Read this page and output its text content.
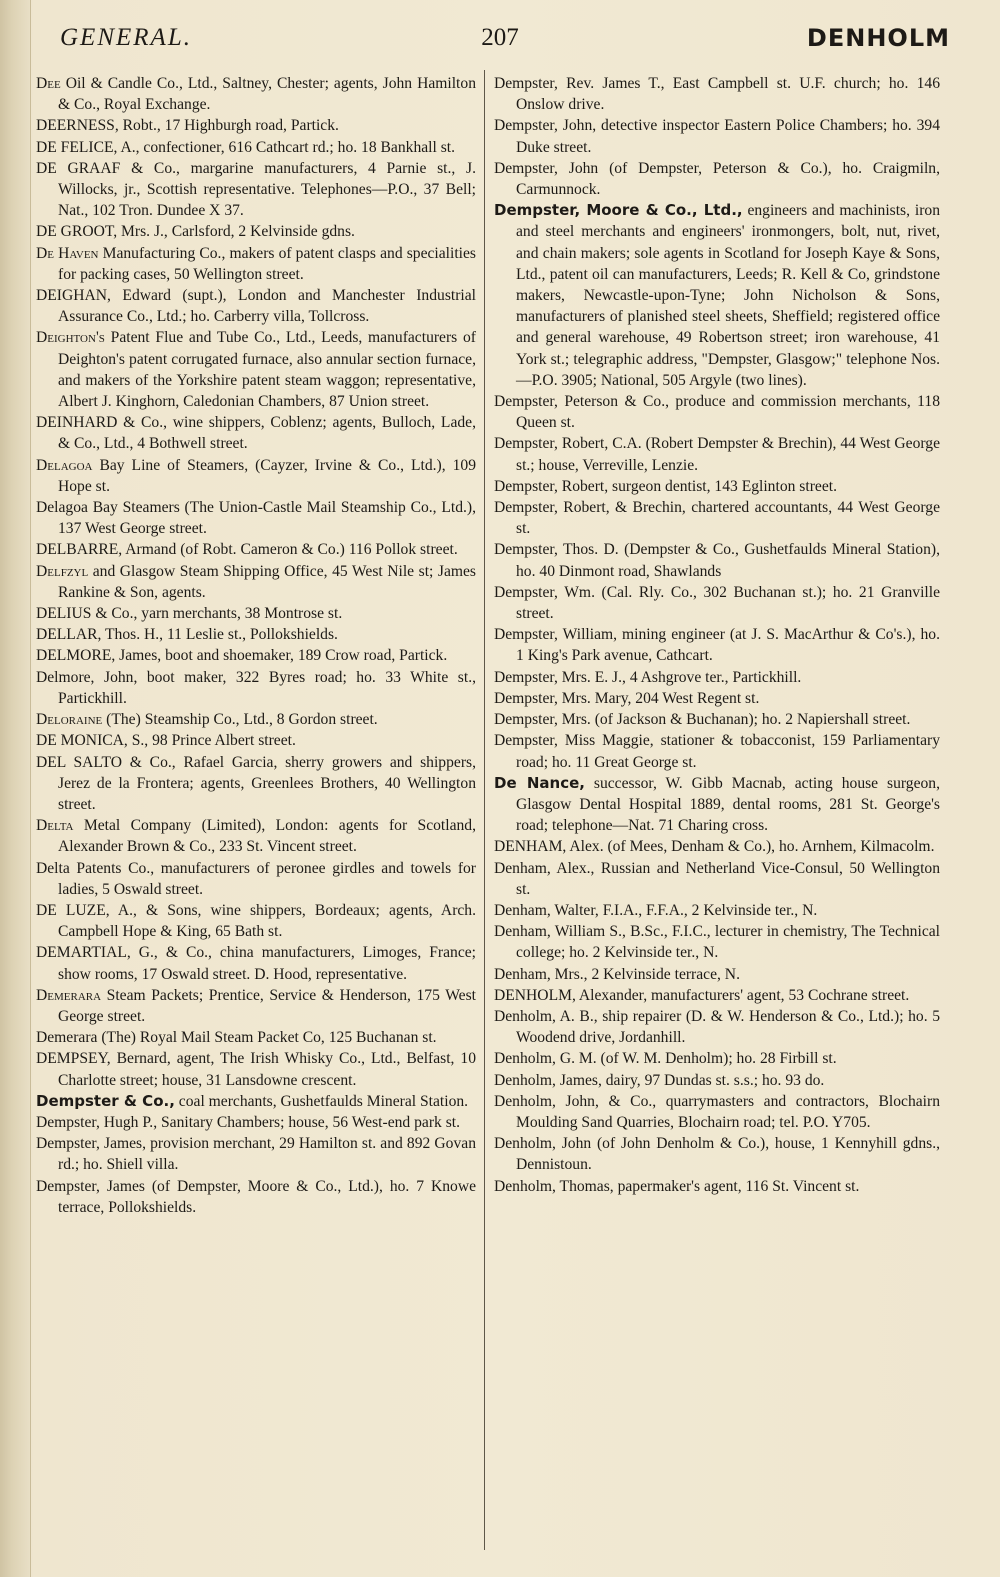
GENERAL.	207	DENHOLM

Dee Oil & Candle Co., Ltd., Saltney, Chester; agents, John Hamilton & Co., Royal Exchange.

DEERNESS, Robt., 17 Highburgh road, Partick.

DE FELICE, A., confectioner, 616 Cathcart rd.; ho. 18 Bankhall st.

DE GRAAF & Co., margarine manufacturers, 4 Parnie st., J. Willocks, jr., Scottish representative. Telephones—P.O., 37 Bell; Nat., 102 Tron. Dundee X 37.

DE GROOT, Mrs. J., Carlsford, 2 Kelvinside gdns.

De Haven Manufacturing Co., makers of patent clasps and specialities for packing cases, 50 Wellington street.

DEIGHAN, Edward (supt.), London and Manchester Industrial Assurance Co., Ltd.; ho. Carberry villa, Tollcross.

Deighton's Patent Flue and Tube Co., Ltd., Leeds, manufacturers of Deighton's patent corrugated furnace, also annular section furnace, and makers of the Yorkshire patent steam waggon; representative, Albert J. Kinghorn, Caledonian Chambers, 87 Union street.

DEINHARD & Co., wine shippers, Coblenz; agents, Bulloch, Lade, & Co., Ltd., 4 Bothwell street.

Delagoa Bay Line of Steamers, (Cayzer, Irvine & Co., Ltd.), 109 Hope st.

Delagoa Bay Steamers (The Union-Castle Mail Steamship Co., Ltd.), 137 West George street.

DELBARRE, Armand (of Robt. Cameron & Co.) 116 Pollok street.

Delfzyl and Glasgow Steam Shipping Office, 45 West Nile st; James Rankine & Son, agents.

DELIUS & Co., yarn merchants, 38 Montrose st.

DELLAR, Thos. H., 11 Leslie st., Pollokshields.

DELMORE, James, boot and shoemaker, 189 Crow road, Partick.

Delmore, John, boot maker, 322 Byres road; ho. 33 White st., Partickhill.

Deloraine (The) Steamship Co., Ltd., 8 Gordon street.

DE MONICA, S., 98 Prince Albert street.

DEL SALTO & Co., Rafael Garcia, sherry growers and shippers, Jerez de la Frontera; agents, Greenlees Brothers, 40 Wellington street.

Delta Metal Company (Limited), London: agents for Scotland, Alexander Brown & Co., 233 St. Vincent street.

Delta Patents Co., manufacturers of peronee girdles and towels for ladies, 5 Oswald street.

DE LUZE, A., & Sons, wine shippers, Bordeaux; agents, Arch. Campbell Hope & King, 65 Bath st.

DEMARTIAL, G., & Co., china manufacturers, Limoges, France; show rooms, 17 Oswald street. D. Hood, representative.

Demerara Steam Packets; Prentice, Service & Henderson, 175 West George street.

Demerara (The) Royal Mail Steam Packet Co, 125 Buchanan st.

DEMPSEY, Bernard, agent, The Irish Whisky Co., Ltd., Belfast, 10 Charlotte street; house, 31 Lansdowne crescent.

Dempster & Co., coal merchants, Gushetfaulds Mineral Station.

Dempster, Hugh P., Sanitary Chambers; house, 56 West-end park st.

Dempster, James, provision merchant, 29 Hamilton st. and 892 Govan rd.; ho. Shiell villa.

Dempster, James (of Dempster, Moore & Co., Ltd.), ho. 7 Knowe terrace, Pollokshields.

Dempster, Rev. James T., East Campbell st. U.F. church; ho. 146 Onslow drive.

Dempster, John, detective inspector Eastern Police Chambers; ho. 394 Duke street.

Dempster, John (of Dempster, Peterson & Co.), ho. Craigmiln, Carmunnock.

Dempster, Moore & Co., Ltd., engineers and machinists, iron and steel merchants and engineers' ironmongers, bolt, nut, rivet, and chain makers; sole agents in Scotland for Joseph Kaye & Sons, Ltd., patent oil can manufacturers, Leeds; R. Kell & Co, grindstone makers, Newcastle-upon-Tyne; John Nicholson & Sons, manufacturers of planished steel sheets, Sheffield; registered office and general warehouse, 49 Robertson street; iron warehouse, 41 York st.; telegraphic address, "Dempster, Glasgow;" telephone Nos.—P.O. 3905; National, 505 Argyle (two lines).

Dempster, Peterson & Co., produce and commission merchants, 118 Queen st.

Dempster, Robert, C.A. (Robert Dempster & Brechin), 44 West George st.; house, Verreville, Lenzie.

Dempster, Robert, surgeon dentist, 143 Eglinton street.

Dempster, Robert, & Brechin, chartered accountants, 44 West George st.

Dempster, Thos. D. (Dempster & Co., Gushetfaulds Mineral Station), ho. 40 Dinmont road, Shawlands

Dempster, Wm. (Cal. Rly. Co., 302 Buchanan st.); ho. 21 Granville street.

Dempster, William, mining engineer (at J. S. MacArthur & Co's.), ho. 1 King's Park avenue, Cathcart.

Dempster, Mrs. E. J., 4 Ashgrove ter., Partickhill.

Dempster, Mrs. Mary, 204 West Regent st.

Dempster, Mrs. (of Jackson & Buchanan); ho. 2 Napiershall street.

Dempster, Miss Maggie, stationer & tobacconist, 159 Parliamentary road; ho. 11 Great George st.

De Nance, successor, W. Gibb Macnab, acting house surgeon, Glasgow Dental Hospital 1889, dental rooms, 281 St. George's road; telephone—Nat. 71 Charing cross.

DENHAM, Alex. (of Mees, Denham & Co.), ho. Arnhem, Kilmacolm.

Denham, Alex., Russian and Netherland Vice-Consul, 50 Wellington st.

Denham, Walter, F.I.A., F.F.A., 2 Kelvinside ter., N.

Denham, William S., B.Sc., F.I.C., lecturer in chemistry, The Technical college; ho. 2 Kelvinside ter., N.

Denham, Mrs., 2 Kelvinside terrace, N.

DENHOLM, Alexander, manufacturers' agent, 53 Cochrane street.

Denholm, A. B., ship repairer (D. & W. Henderson & Co., Ltd.); ho. 5 Woodend drive, Jordanhill.

Denholm, G. M. (of W. M. Denholm); ho. 28 Firbill st.

Denholm, James, dairy, 97 Dundas st. s.s.; ho. 93 do.

Denholm, John, & Co., quarrymasters and contractors, Blochairn Moulding Sand Quarries, Blochairn road; tel. P.O. Y705.

Denholm, John (of John Denholm & Co.), house, 1 Kennyhill gdns., Dennistoun.

Denholm, Thomas, papermaker's agent, 116 St. Vincent st.
